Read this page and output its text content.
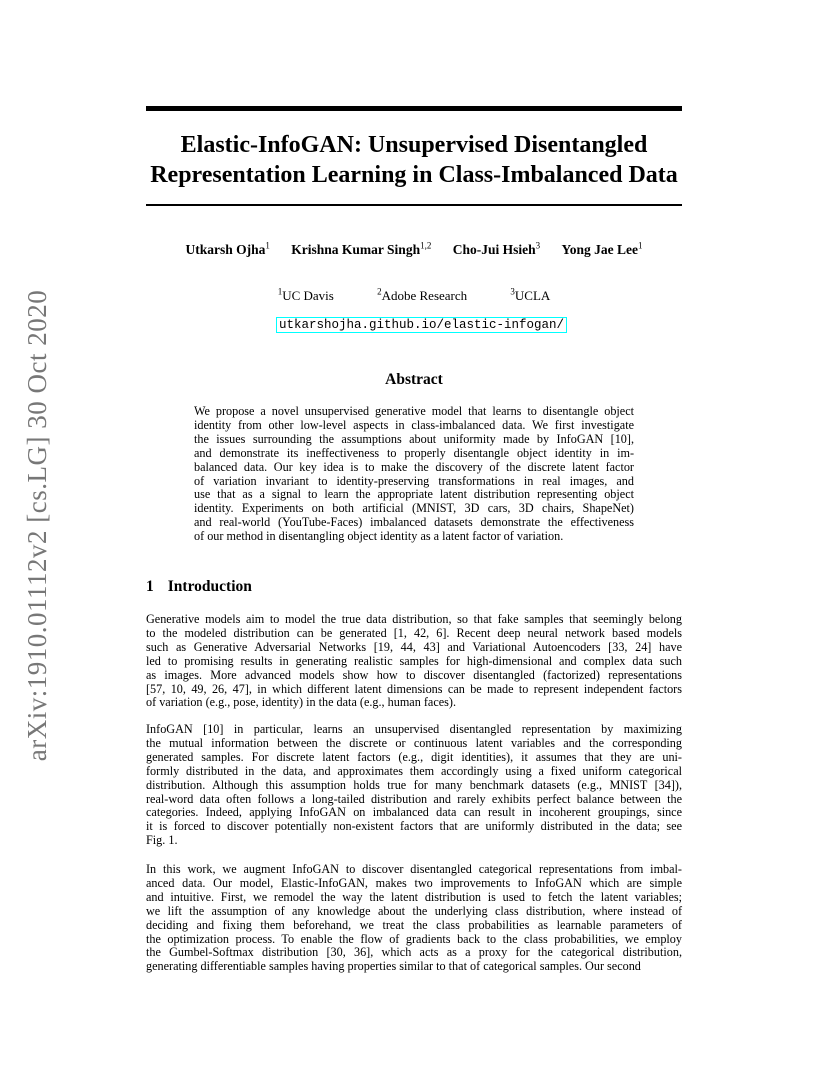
arXiv:1910.01112v2 [cs.LG] 30 Oct 2020
Elastic-InfoGAN: Unsupervised Disentangled
Representation Learning in Class-Imbalanced Data
Utkarsh Ojha$^1$ Krishna Kumar Singh$^{1,2}$ Cho-Jui Hsieh$^3$ Yong Jae Lee$^1$
$^1$UC Davis	$^2$Adobe Research	$^3$UCLA
utkarshojha.github.io/elastic-infogan/
Abstract
We propose a novel unsupervised generative model that learns to disentangle object
identity from other low-level aspects in class-imbalanced data. We first investigate
the issues surrounding the assumptions about uniformity made by InfoGAN [10],
and demonstrate its ineffectiveness to properly disentangle object identity in im-
balanced data. Our key idea is to make the discovery of the discrete latent factor
of variation invariant to identity-preserving transformations in real images, and
use that as a signal to learn the appropriate latent distribution representing object
identity. Experiments on both artificial (MNIST, 3D cars, 3D chairs, ShapeNet)
and real-world (YouTube-Faces) imbalanced datasets demonstrate the effectiveness
of our method in disentangling object identity as a latent factor of variation.
1 Introduction
Generative models aim to model the true data distribution, so that fake samples that seemingly belong
to the modeled distribution can be generated [1, 42, 6]. Recent deep neural network based models
such as Generative Adversarial Networks [19, 44, 43] and Variational Autoencoders [33, 24] have
led to promising results in generating realistic samples for high-dimensional and complex data such
as images. More advanced models show how to discover disentangled (factorized) representations
[57, 10, 49, 26, 47], in which different latent dimensions can be made to represent independent factors
of variation (e.g., pose, identity) in the data (e.g., human faces).
InfoGAN [10] in particular, learns an unsupervised disentangled representation by maximizing
the mutual information between the discrete or continuous latent variables and the corresponding
generated samples. For discrete latent factors (e.g., digit identities), it assumes that they are uni-
formly distributed in the data, and approximates them accordingly using a fixed uniform categorical
distribution. Although this assumption holds true for many benchmark datasets (e.g., MNIST [34]),
real-word data often follows a long-tailed distribution and rarely exhibits perfect balance between the
categories. Indeed, applying InfoGAN on imbalanced data can result in incoherent groupings, since
it is forced to discover potentially non-existent factors that are uniformly distributed in the data; see
Fig. 1.
In this work, we augment InfoGAN to discover disentangled categorical representations from imbal-
anced data. Our model, Elastic-InfoGAN, makes two improvements to InfoGAN which are simple
and intuitive. First, we remodel the way the latent distribution is used to fetch the latent variables;
we lift the assumption of any knowledge about the underlying class distribution, where instead of
deciding and fixing them beforehand, we treat the class probabilities as learnable parameters of
the optimization process. To enable the flow of gradients back to the class probabilities, we employ
the Gumbel-Softmax distribution [30, 36], which acts as a proxy for the categorical distribution,
generating differentiable samples having properties similar to that of categorical samples. Our second
